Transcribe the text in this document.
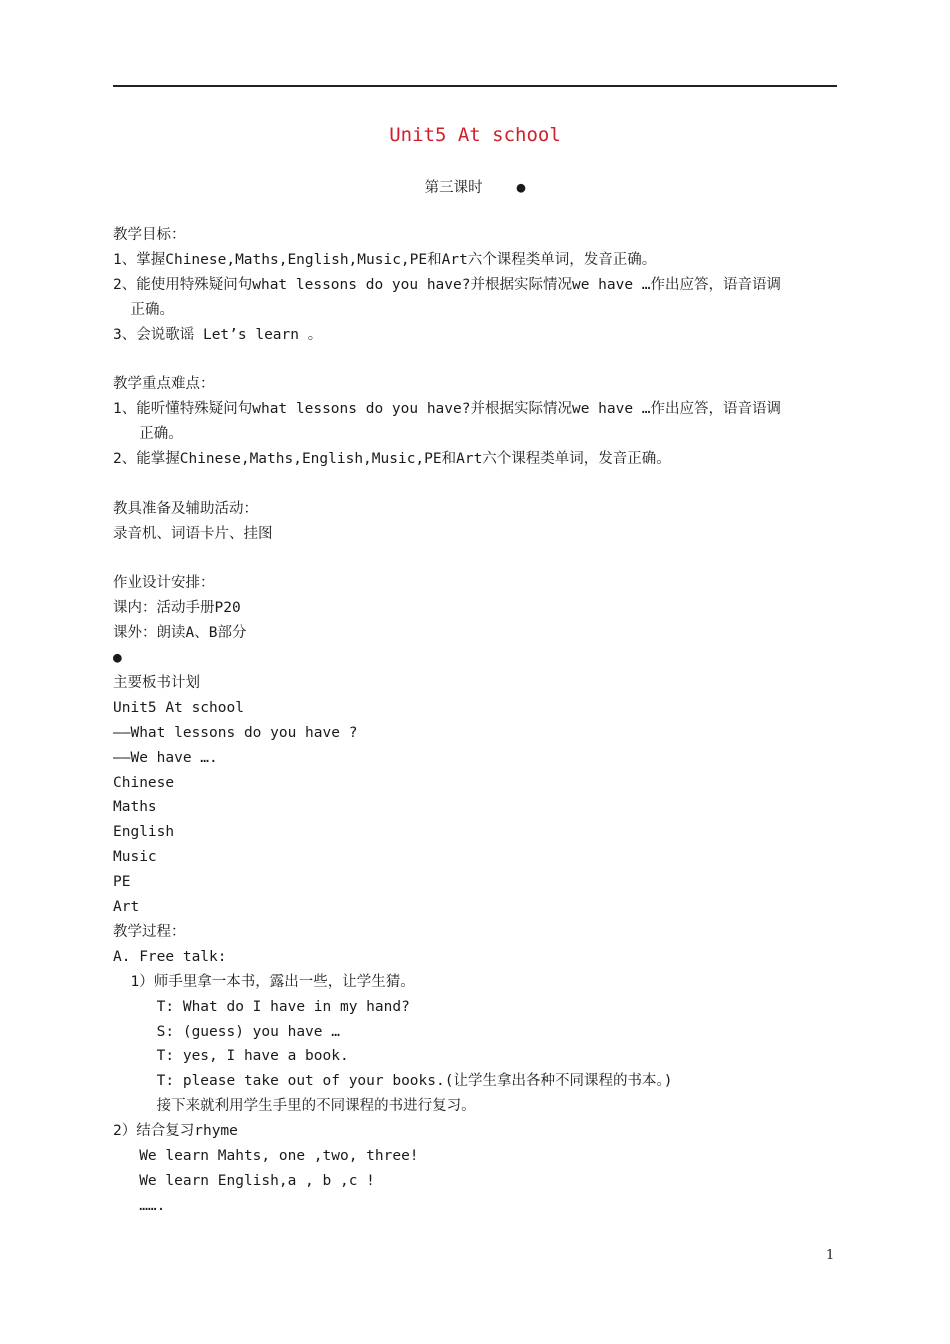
Unit5 At school
第三课时 ●
教学目标：
1、掌握Chinese,Maths,English,Music,PE和Art六个课程类单词，发音正确。
2、能使用特殊疑问句what lessons do you have?并根据实际情况we have …作出应答，语音语调
正确。
3、会说歌谣 Let’s learn 。
教学重点难点：
1、能听懂特殊疑问句what lessons do you have?并根据实际情况we have …作出应答，语音语调
正确。
2、能掌握Chinese,Maths,English,Music,PE和Art六个课程类单词，发音正确。
教具准备及辅助活动：
录音机、词语卡片、挂图
作业设计安排：
课内：活动手册P20
课外：朗读A、B部分
●
主要板书计划
Unit5 At school
——What lessons do you have ?
——We have ….
Chinese
Maths
English
Music
PE
Art
教学过程：
A. Free talk:
1）师手里拿一本书，露出一些，让学生猜。
T: What do I have in my hand?
S: (guess) you have …
T: yes, I have a book.
T: please take out of your books.(让学生拿出各种不同课程的书本。)
接下来就利用学生手里的不同课程的书进行复习。
2）结合复习rhyme
We learn Mahts, one ,two, three!
We learn English,a , b ,c !
…….
1
